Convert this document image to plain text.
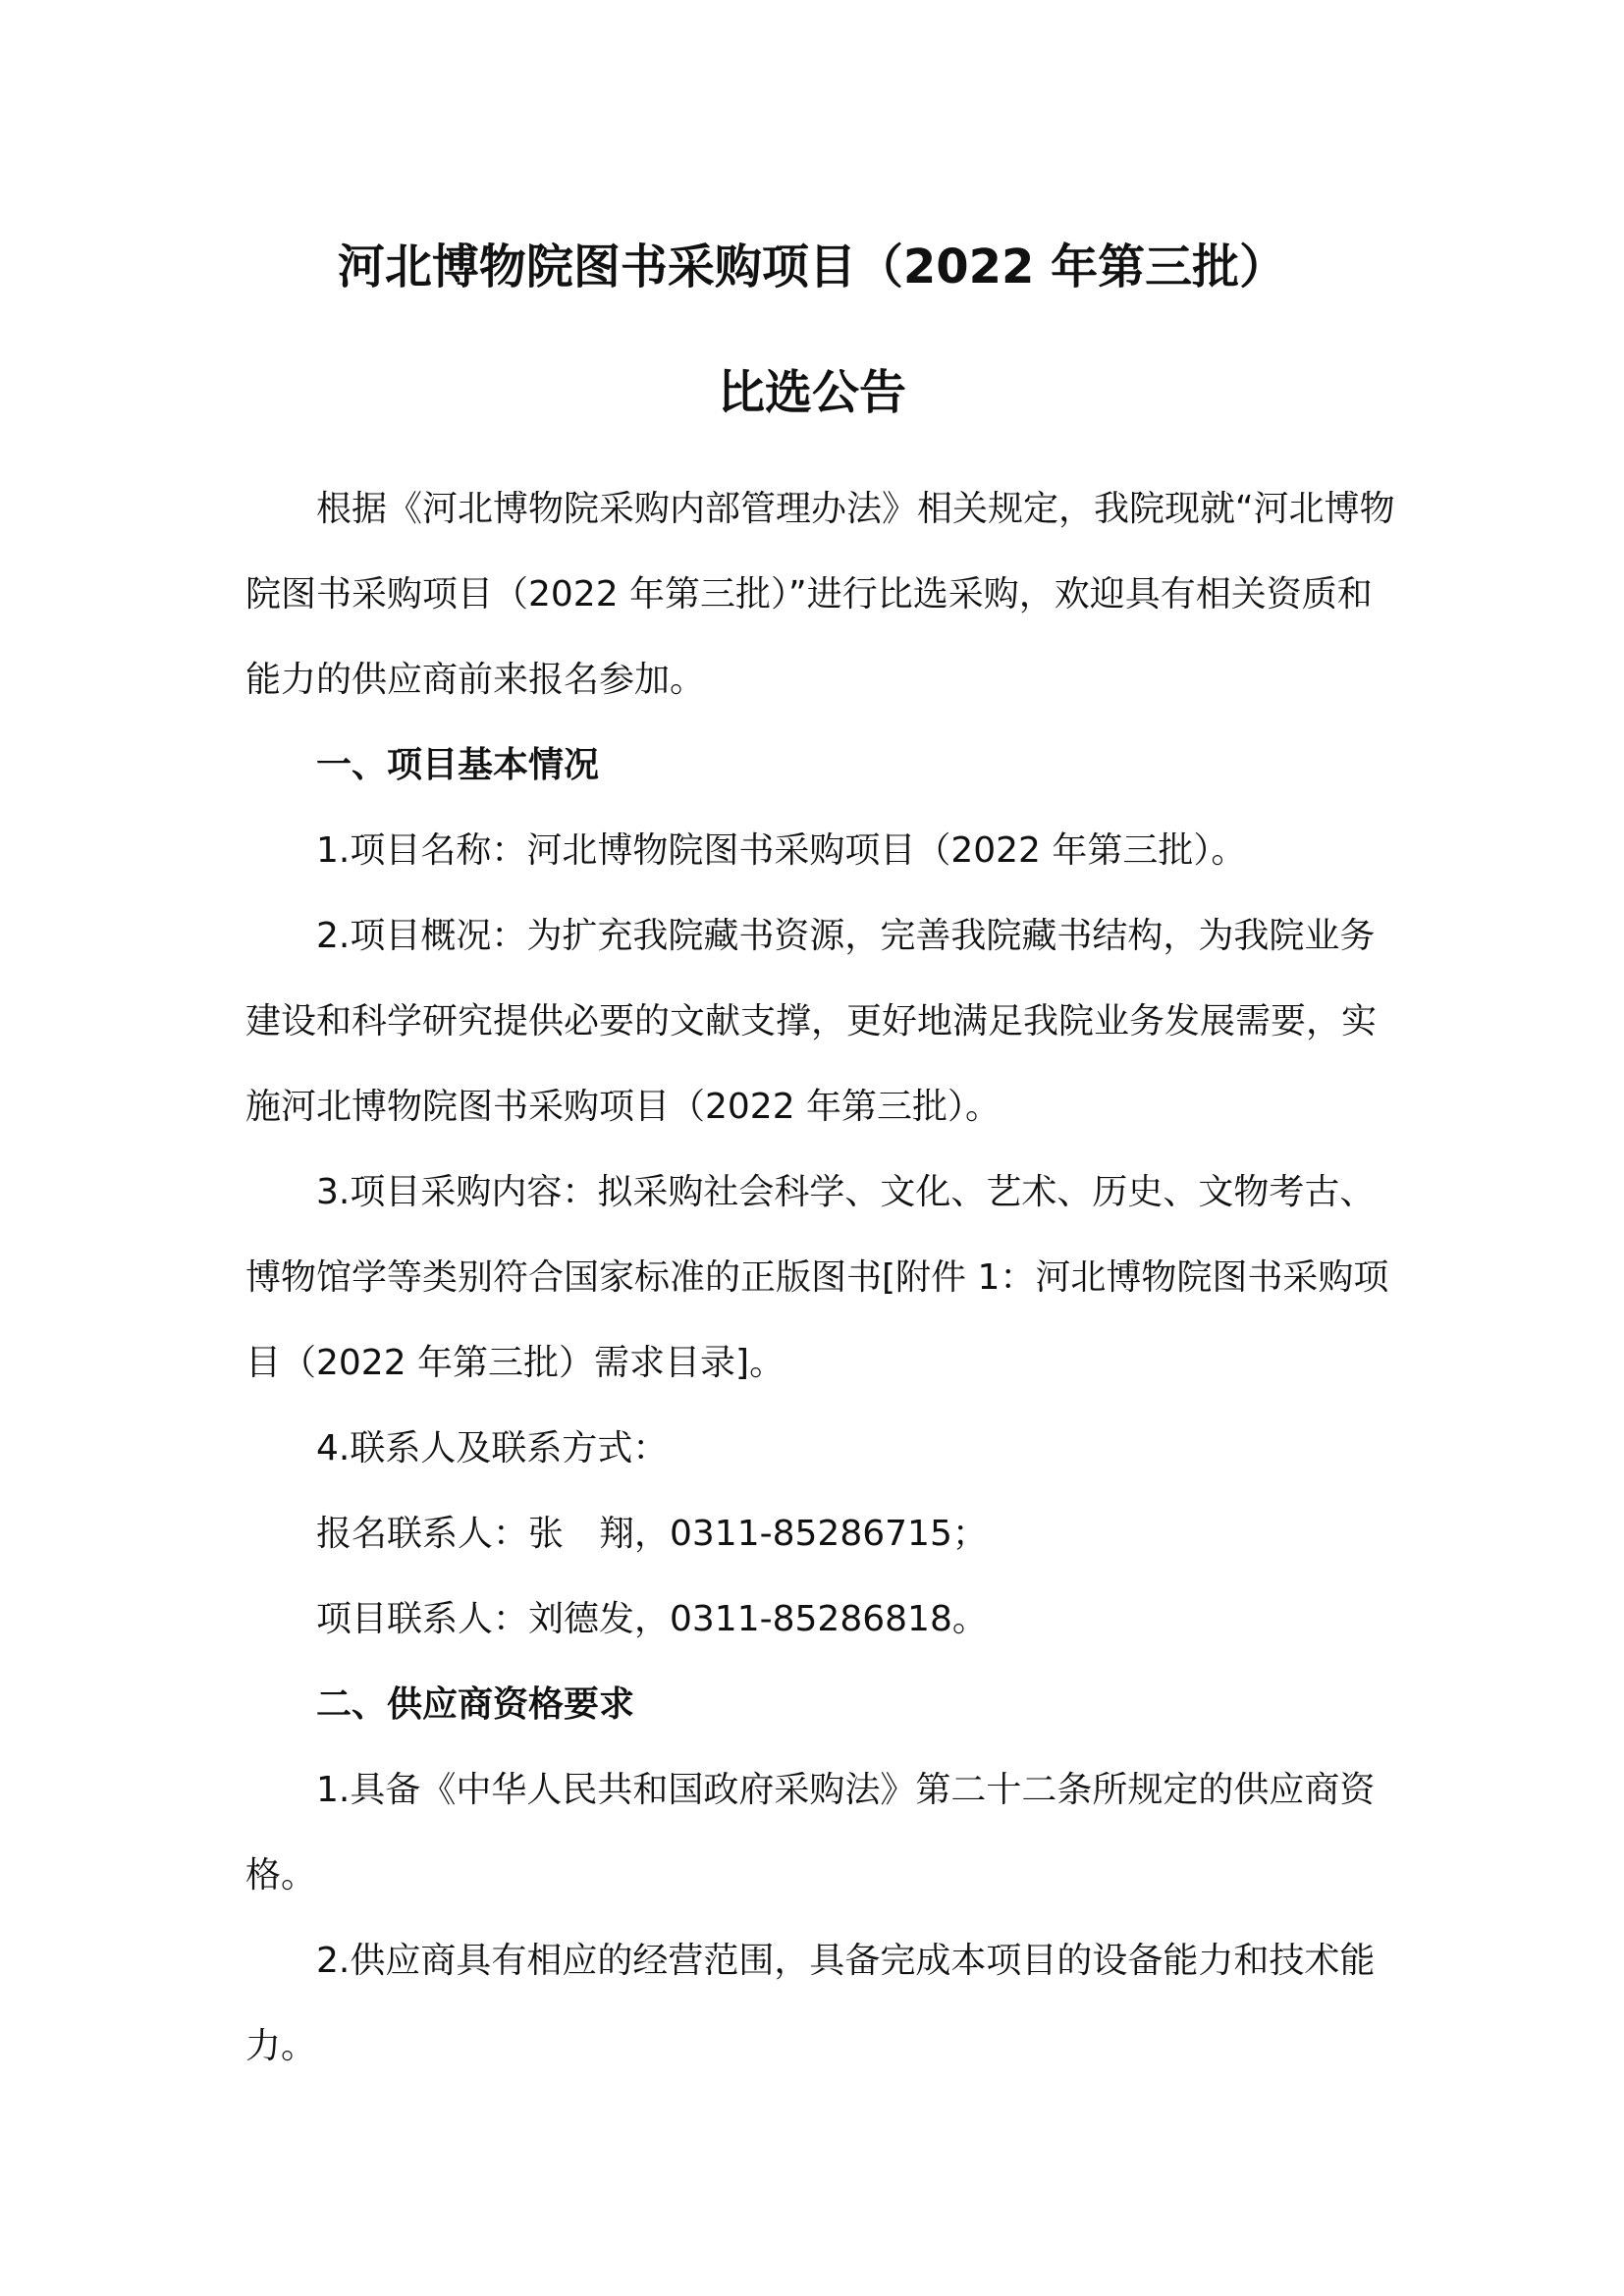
河北博物院图书采购项目（2022 年第三批）
比选公告

根据《河北博物院采购内部管理办法》相关规定，我院现就“河北博物院图书采购项目（2022 年第三批）”进行比选采购，欢迎具有相关资质和能力的供应商前来报名参加。

一、项目基本情况

1.项目名称：河北博物院图书采购项目（2022 年第三批）。

2.项目概况：为扩充我院藏书资源，完善我院藏书结构，为我院业务建设和科学研究提供必要的文献支撑，更好地满足我院业务发展需要，实施河北博物院图书采购项目（2022 年第三批）。

3.项目采购内容：拟采购社会科学、文化、艺术、历史、文物考古、博物馆学等类别符合国家标准的正版图书[附件 1：河北博物院图书采购项目（2022 年第三批）需求目录]。

4.联系人及联系方式：

报名联系人：张　翔，0311-85286715；

项目联系人：刘德发，0311-85286818。

二、供应商资格要求

1.具备《中华人民共和国政府采购法》第二十二条所规定的供应商资格。

2.供应商具有相应的经营范围，具备完成本项目的设备能力和技术能力。
